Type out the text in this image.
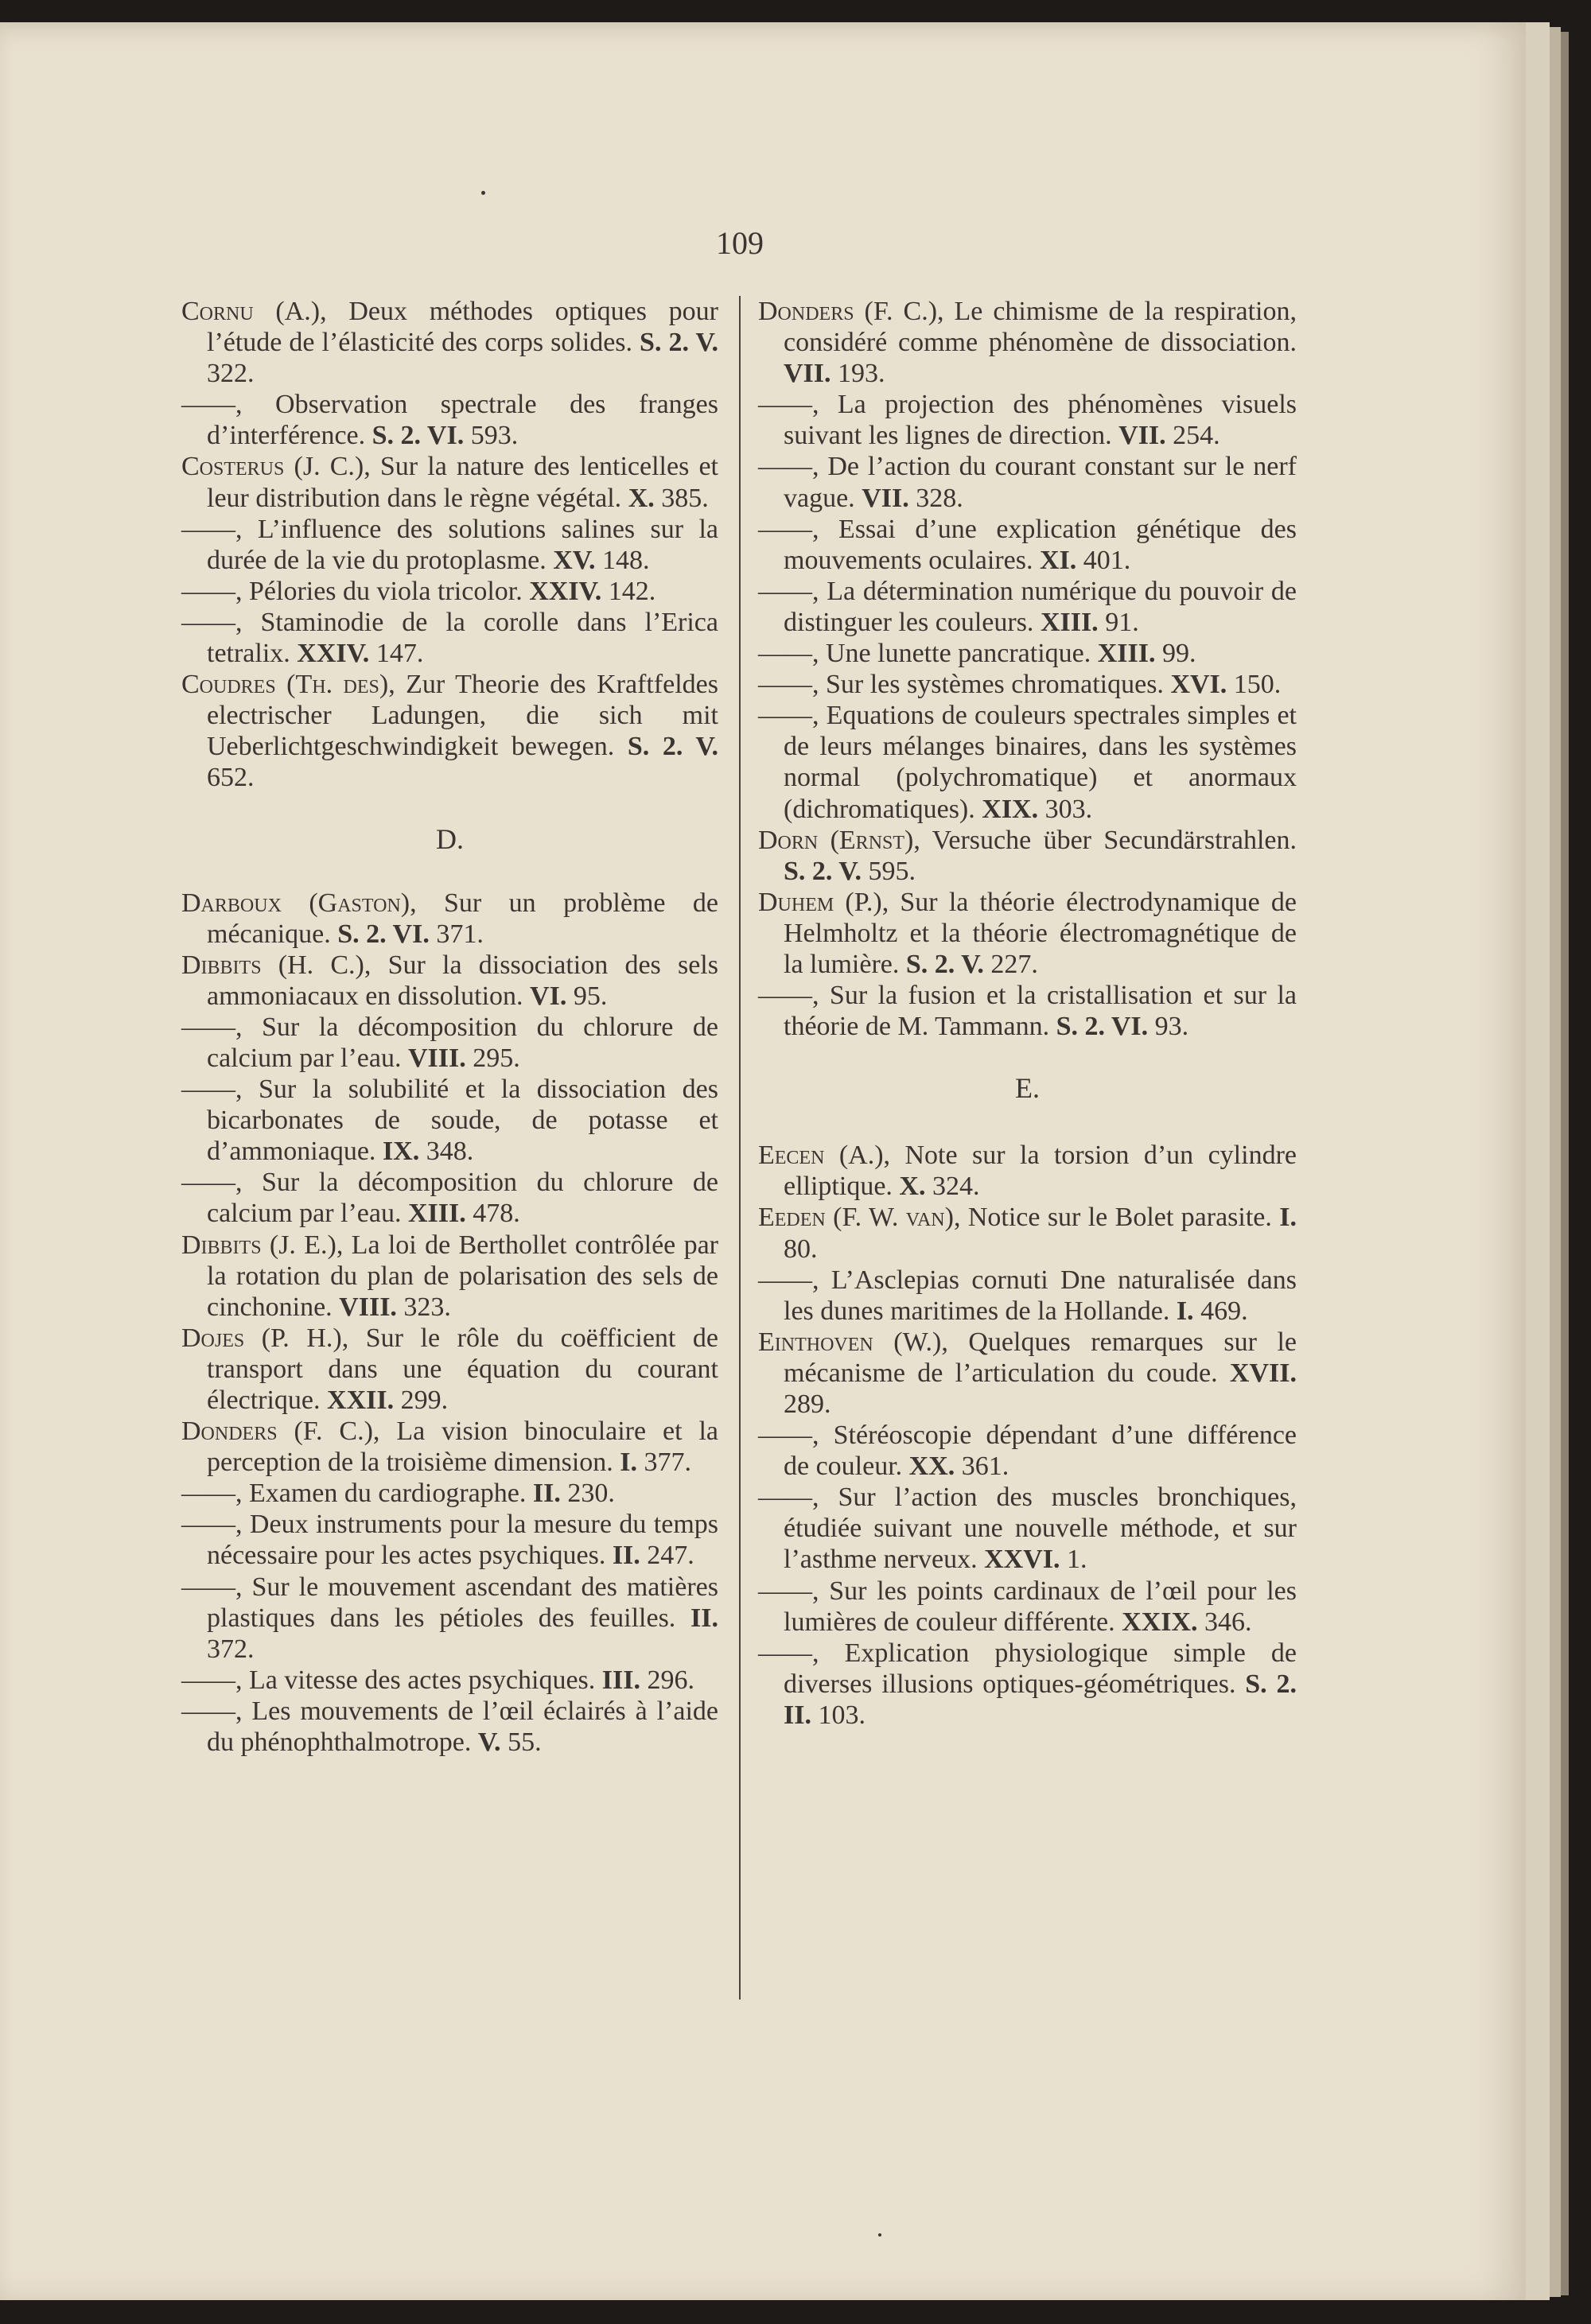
109

Cornu (A.), Deux méthodes optiques pour l’étude de l’élasticité des corps solides. S. 2. V. 322.

——, Observation spectrale des franges d’interférence. S. 2. VI. 593.

Costerus (J. C.), Sur la nature des lenticelles et leur distribution dans le règne végétal. X. 385.

——, L’influence des solutions salines sur la durée de la vie du protoplasme. XV. 148.

——, Pélories du viola tricolor. XXIV. 142.

——, Staminodie de la corolle dans l’Erica tetralix. XXIV. 147.

Coudres (Th. des), Zur Theorie des Kraftfeldes electrischer Ladungen, die sich mit Ueberlichtgeschwindigkeit bewegen. S. 2. V. 652.

D.

Darboux (Gaston), Sur un problème de mécanique. S. 2. VI. 371.

Dibbits (H. C.), Sur la dissociation des sels ammoniacaux en dissolution. VI. 95.

——, Sur la décomposition du chlorure de calcium par l’eau. VIII. 295.

——, Sur la solubilité et la dissociation des bicarbonates de soude, de potasse et d’ammoniaque. IX. 348.

——, Sur la décomposition du chlorure de calcium par l’eau. XIII. 478.

Dibbits (J. E.), La loi de Berthollet contrôlée par la rotation du plan de polarisation des sels de cinchonine. VIII. 323.

Dojes (P. H.), Sur le rôle du coëfficient de transport dans une équation du courant électrique. XXII. 299.

Donders (F. C.), La vision binoculaire et la perception de la troisième dimension. I. 377.

——, Examen du cardiographe. II. 230.

——, Deux instruments pour la mesure du temps nécessaire pour les actes psychiques. II. 247.

——, Sur le mouvement ascendant des matières plastiques dans les pétioles des feuilles. II. 372.

——, La vitesse des actes psychiques. III. 296.

——, Les mouvements de l’œil éclairés à l’aide du phénophthalmotrope. V. 55.

Donders (F. C.), Le chimisme de la respiration, considéré comme phénomène de dissociation. VII. 193.

——, La projection des phénomènes visuels suivant les lignes de direction. VII. 254.

——, De l’action du courant constant sur le nerf vague. VII. 328.

——, Essai d’une explication génétique des mouvements oculaires. XI. 401.

——, La détermination numérique du pouvoir de distinguer les couleurs. XIII. 91.

——, Une lunette pancratique. XIII. 99.

——, Sur les systèmes chromatiques. XVI. 150.

——, Equations de couleurs spectrales simples et de leurs mélanges binaires, dans les systèmes normal (polychromatique) et anormaux (dichromatiques). XIX. 303.

Dorn (Ernst), Versuche über Secundärstrahlen. S. 2. V. 595.

Duhem (P.), Sur la théorie électrodynamique de Helmholtz et la théorie électromagnétique de la lumière. S. 2. V. 227.

——, Sur la fusion et la cristallisation et sur la théorie de M. Tammann. S. 2. VI. 93.

E.

Eecen (A.), Note sur la torsion d’un cylindre elliptique. X. 324.

Eeden (F. W. van), Notice sur le Bolet parasite. I. 80.

——, L’Asclepias cornuti Dne naturalisée dans les dunes maritimes de la Hollande. I. 469.

Einthoven (W.), Quelques remarques sur le mécanisme de l’articulation du coude. XVII. 289.

——, Stéréoscopie dépendant d’une différence de couleur. XX. 361.

——, Sur l’action des muscles bronchiques, étudiée suivant une nouvelle méthode, et sur l’asthme nerveux. XXVI. 1.

——, Sur les points cardinaux de l’œil pour les lumières de couleur différente. XXIX. 346.

——, Explication physiologique simple de diverses illusions optiques-géométriques. S. 2. II. 103.
